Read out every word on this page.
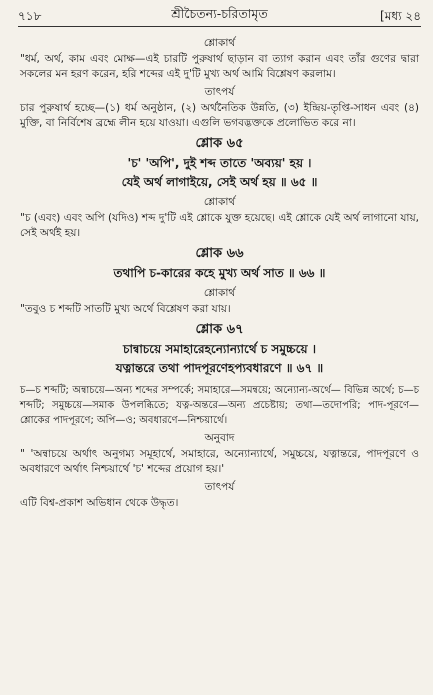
৭১৮	শ্রীচৈতন্য-চরিতামৃত	[মধ্য ২৪
শ্লোকার্থ

"ধর্ম, অর্থ, কাম এবং মোক্ষ—এই চারটি পুরুষার্থ ছাড়ান বা ত্যাগ করান এবং তাঁর গুণের দ্বারা সকলের মন হরণ করেন, হরি শব্দের এই দু'টি মুখ্য অর্থ আমি বিশ্লেষণ করলাম।

তাৎপর্য

চার পুরুষার্থ হচ্ছে—(১) ধর্ম অনুষ্ঠান, (২) অর্থনৈতিক উন্নতি, (৩) ইন্দ্রিয়-তৃপ্তি-সাধন এবং (৪) মুক্তি, বা নির্বিশেষ ব্রহ্মে লীন হয়ে যাওয়া। এগুলি ভগবদ্ভক্তকে প্রলোভিত করে না।

শ্লোক ৬৫

'চ' 'অপি', দুই শব্দ তাতে 'অব্যয়' হয় ।

যেই অর্থ লাগাইয়ে, সেই অর্থ হয় ॥ ৬৫ ॥

শ্লোকার্থ

"চ (এবং) এবং অপি (যদিও) শব্দ দু'টি এই শ্লোকে যুক্ত হয়েছে। এই শ্লোকে যেই অর্থ লাগানো যায়, সেই অর্থই হয়।

শ্লোক ৬৬

তথাপি চ-কারের কহে মুখ্য অর্থ সাত ॥ ৬৬ ॥

শ্লোকার্থ

"তবুও চ শব্দটি সাতটি মুখ্য অর্থে বিশ্লেষণ করা যায়।

শ্লোক ৬৭

চান্বাচয়ে সমাহারেহন্যোন্যার্থে চ সমুচ্চয়ে ।

যত্নান্তরে তথা পাদপূরণেহপ্যবধারণে ॥ ৬৭ ॥

চ—চ শব্দটি; অন্বাচয়ে—অন্য শব্দের সম্পর্কে; সমাহারে—সমন্বয়ে; অন্যোন্য-অর্থে— বিভিন্ন অর্থে; চ—চ শব্দটি; সমুচ্চয়ে—সমাক উপলব্ধিতে; যত্ন-অন্তরে—অন্য প্রচেষ্টায়; তথা—তদোপরি; পাদ-পূরণে—শ্লোকের পাদপূরণে; অপি—ও; অবধারণে—নিশ্চয়ার্থে।

অনুবাদ

" 'অন্বাচয়ে অর্থাৎ অনুগম্য সমূহার্থে, সমাহারে, অন্যোন্যার্থে, সমুচ্চয়ে, যত্নান্তরে, পাদপূরণে ও অবধারণে অর্থাৎ নিশ্চয়ার্থে 'চ' শব্দের প্রয়োগ হয়।'

তাৎপর্য

এটি বিশ্ব-প্রকাশ অভিধান থেকে উদ্ধৃত।
